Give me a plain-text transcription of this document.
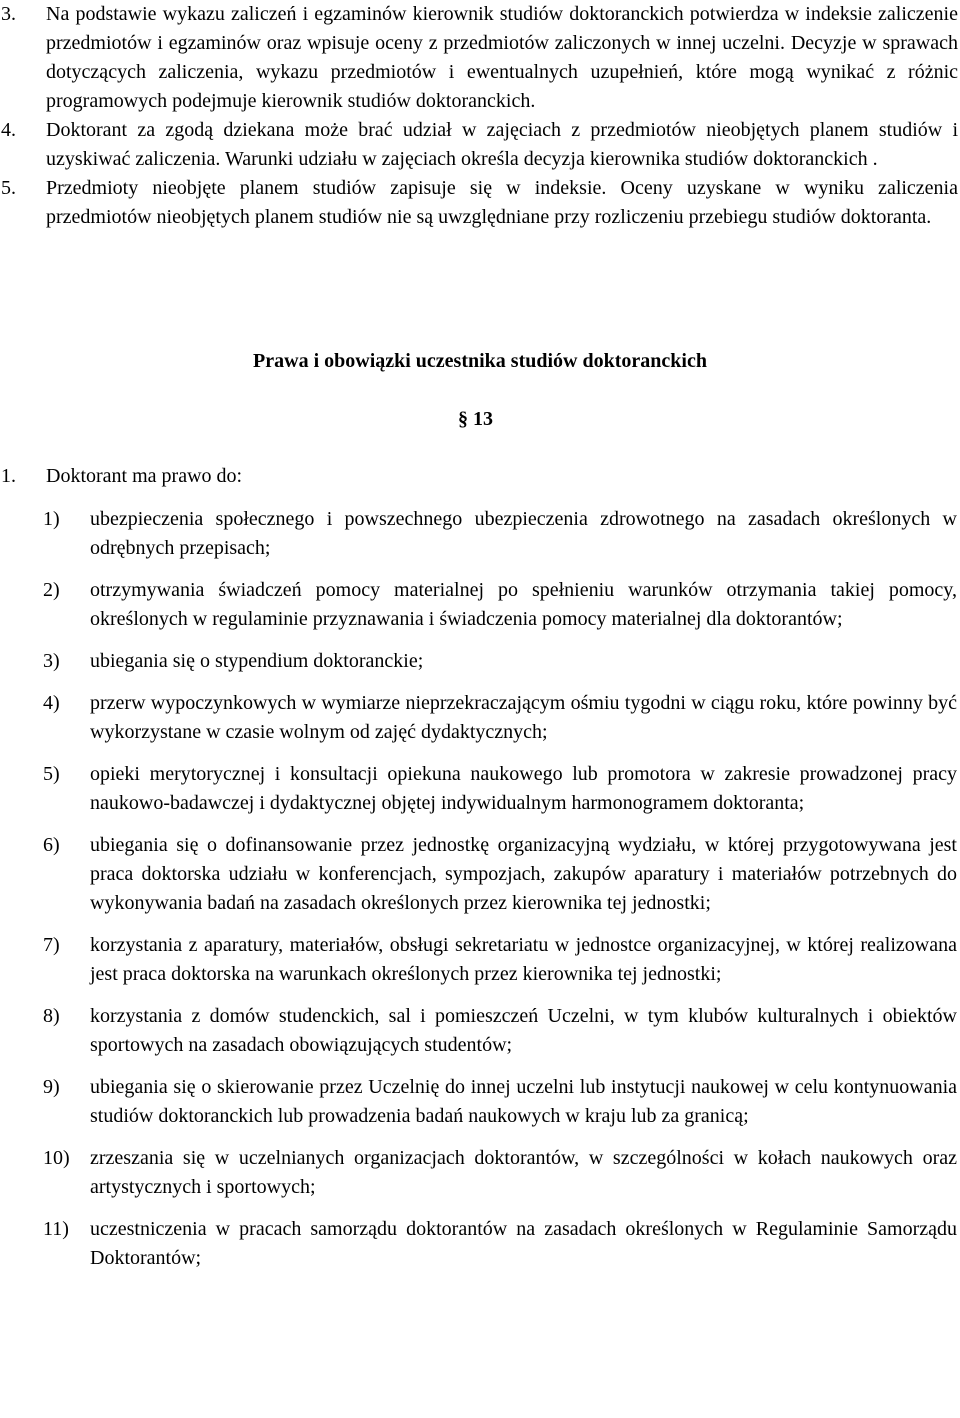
3. Na podstawie wykazu zaliczeń i egzaminów kierownik studiów doktoranckich potwierdza w indeksie zaliczenie przedmiotów i egzaminów oraz wpisuje oceny z przedmiotów zaliczonych w innej uczelni. Decyzje w sprawach dotyczących zaliczenia, wykazu przedmiotów i ewentualnych uzupełnień, które mogą wynikać z różnic programowych podejmuje kierownik studiów doktoranckich.
4. Doktorant za zgodą dziekana może brać udział w zajęciach z przedmiotów nieobjętych planem studiów i uzyskiwać zaliczenia. Warunki udziału w zajęciach określa decyzja kierownika studiów doktoranckich .
5. Przedmioty nieobjęte planem studiów zapisuje się w indeksie. Oceny uzyskane w wyniku zaliczenia przedmiotów nieobjętych planem studiów nie są uwzględniane przy rozliczeniu przebiegu studiów doktoranta.
Prawa i obowiązki uczestnika studiów doktoranckich
§ 13
1. Doktorant ma prawo do:
1) ubezpieczenia społecznego i powszechnego ubezpieczenia zdrowotnego na zasadach określonych w odrębnych przepisach;
2) otrzymywania świadczeń pomocy materialnej po spełnieniu warunków otrzymania takiej pomocy, określonych w regulaminie przyznawania i świadczenia pomocy materialnej dla doktorantów;
3) ubiegania się o stypendium doktoranckie;
4) przerw wypoczynkowych w wymiarze nieprzekraczającym ośmiu tygodni w ciągu roku, które powinny być wykorzystane w czasie wolnym od zajęć dydaktycznych;
5) opieki merytorycznej i konsultacji opiekuna naukowego lub promotora w zakresie prowadzonej pracy naukowo-badawczej i dydaktycznej objętej indywidualnym harmonogramem doktoranta;
6) ubiegania się o dofinansowanie przez jednostkę organizacyjną wydziału, w której przygotowywana jest praca doktorska udziału w konferencjach, sympozjach, zakupów aparatury i materiałów potrzebnych do wykonywania badań na zasadach określonych przez kierownika tej jednostki;
7) korzystania z aparatury, materiałów, obsługi sekretariatu w jednostce organizacyjnej, w której realizowana jest praca doktorska na warunkach określonych przez kierownika tej jednostki;
8) korzystania z domów studenckich, sal i pomieszczeń Uczelni, w tym klubów kulturalnych i obiektów sportowych na zasadach obowiązujących studentów;
9) ubiegania się o skierowanie przez Uczelnię do innej uczelni lub instytucji naukowej w celu kontynuowania studiów doktoranckich lub prowadzenia badań naukowych w kraju lub za granicą;
10) zrzeszania się w uczelnianych organizacjach doktorantów, w szczególności w kołach naukowych oraz artystycznych i sportowych;
11) uczestniczenia w pracach samorządu doktorantów na zasadach określonych w Regulaminie Samorządu Doktorantów;
